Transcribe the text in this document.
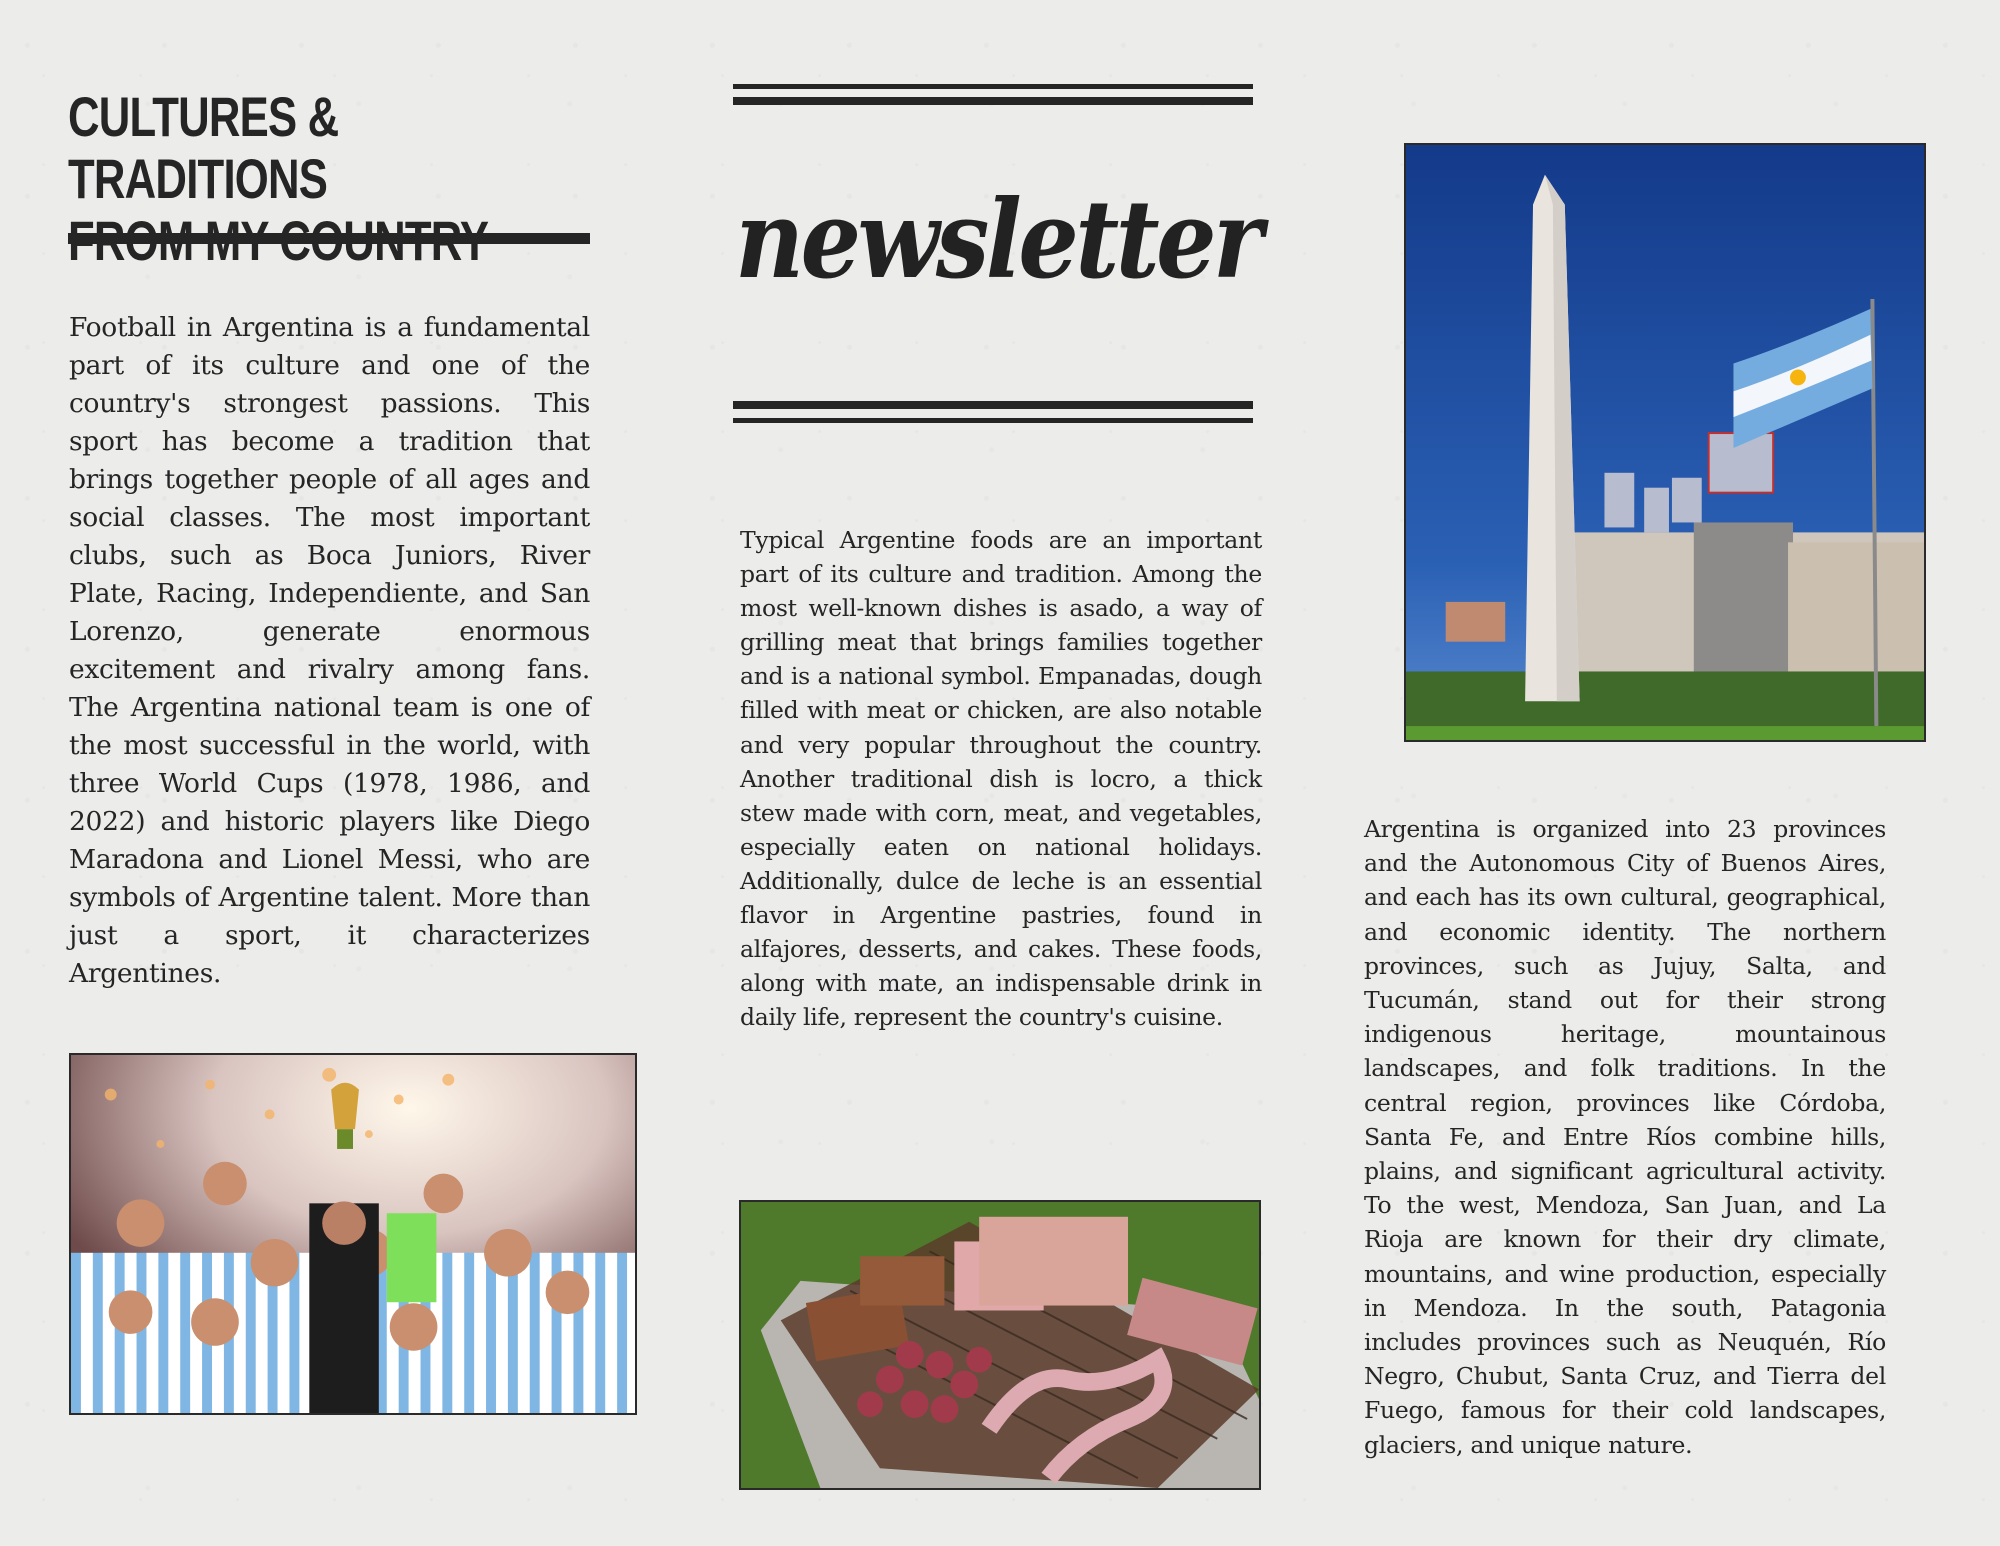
CULTURES & TRADITIONS	newsletter

Football in Argentina is a fundamental part of its culture and one of the country's strongest passions. This sport has become a tradition that brings together people of all ages and social classes. The most important clubs, such as Boca Juniors, River Plate, Racing, Independiente, and San Lorenzo, generate enormous excitement and rivalry among fans. The Argentina national team is one of the most successful in the world, with three World Cups (1978, 1986, and 2022) and historic players like Diego Maradona and Lionel Messi, who are symbols of Argentine talent. More than just a sport, it characterizes Argentines.

Typical Argentine foods are an important part of its culture and tradition. Among the most well-known dishes is asado, a way of grilling meat that brings families together and is a national symbol. Empanadas, dough filled with meat or chicken, are also notable and very popular throughout the country. Another traditional dish is locro, a thick stew made with corn, meat, and vegetables, especially eaten on national holidays. Additionally, dulce de leche is an essential flavor in Argentine pastries, found in alfajores, desserts, and cakes. These foods, along with mate, an indispensable drink in daily life, represent the country's cuisine.

Argentina is organized into 23 provinces and the Autonomous City of Buenos Aires, and each has its own cultural, geographical, and economic identity. The northern provinces, such as Jujuy, Salta, and Tucumán, stand out for their strong indigenous heritage, mountainous landscapes, and folk traditions. In the central region, provinces like Córdoba, Santa Fe, and Entre Ríos combine hills, plains, and significant agricultural activity. To the west, Mendoza, San Juan, and La Rioja are known for their dry climate, mountains, and wine production, especially in Mendoza. In the south, Patagonia includes provinces such as Neuquén, Río Negro, Chubut, Santa Cruz, and Tierra del Fuego, famous for their cold landscapes, glaciers, and unique nature.
